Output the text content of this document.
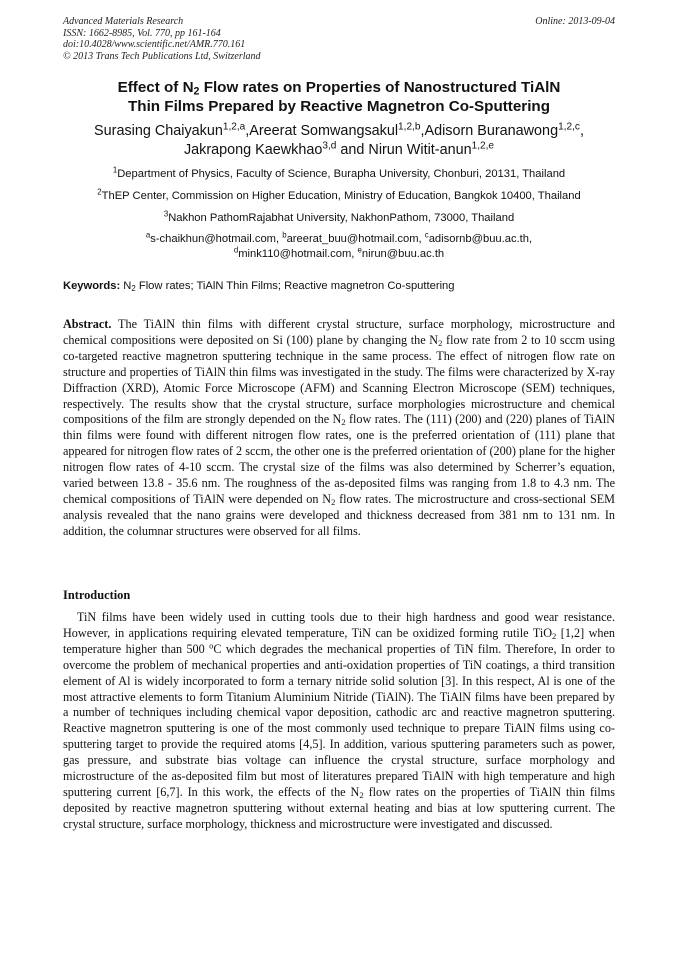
Advanced Materials Research
ISSN: 1662-8985, Vol. 770, pp 161-164
doi:10.4028/www.scientific.net/AMR.770.161
© 2013 Trans Tech Publications Ltd, Switzerland
Online: 2013-09-04
Effect of $N_2$ Flow rates on Properties of Nanostructured TiAlN
Thin Films Prepared by Reactive Magnetron Co-Sputtering
Surasing Chaiyakun$^{1,2,a}$,Areerat Somwangsakul$^{1,2,b}$,Adisorn Buranawong$^{1,2,c}$,
Jakrapong Kaewkhao$^{3,d}$ and Nirun Witit-anun$^{1,2,e}$
$^1$Department of Physics, Faculty of Science, Burapha University, Chonburi, 20131, Thailand
$^2$ThEP Center, Commission on Higher Education, Ministry of Education, Bangkok 10400, Thailand
$^3$Nakhon PathomRajabhat University, NakhonPathom, 73000, Thailand
$^a$s-chaikhun@hotmail.com, $^b$areerat_buu@hotmail.com, $^c$adisornb@buu.ac.th,
$^d$mink110@hotmail.com, $^e$nirun@buu.ac.th
Keywords: $N_2$ Flow rates; TiAlN Thin Films; Reactive magnetron Co-sputtering
Abstract. The TiAlN thin films with different crystal structure, surface morphology, microstructure and chemical compositions were deposited on Si (100) plane by changing the $N_2$ flow rate from 2 to 10 sccm using co-targeted reactive magnetron sputtering technique in the same process. The effect of nitrogen flow rate on structure and properties of TiAlN thin films was investigated in the study. The films were characterized by X-ray Diffraction (XRD), Atomic Force Microscope (AFM) and Scanning Electron Microscope (SEM) techniques, respectively. The results show that the crystal structure, surface morphologies microstructure and chemical compositions of the film are strongly depended on the $N_2$ flow rates. The (111) (200) and (220) planes of TiAlN thin films were found with different nitrogen flow rates, one is the preferred orientation of (111) plane that appeared for nitrogen flow rates of 2 sccm, the other one is the preferred orientation of (200) plane for the higher nitrogen flow rates of 4-10 sccm. The crystal size of the films was also determined by Scherrer’s equation, varied between 13.8 - 35.6 nm. The roughness of the as-deposited films was ranging from 1.8 to 4.3 nm. The chemical compositions of TiAlN were depended on $N_2$ flow rates. The microstructure and cross-sectional SEM analysis revealed that the nano grains were developed and thickness decreased from 381 nm to 131 nm. In addition, the columnar structures were observed for all films.
Introduction
TiN films have been widely used in cutting tools due to their high hardness and good wear resistance. However, in applications requiring elevated temperature, TiN can be oxidized forming rutile TiO$_2$ [1,2] when temperature higher than 500 $^o$C which degrades the mechanical properties of TiN film. Therefore, In order to overcome the problem of mechanical properties and anti-oxidation properties of TiN coatings, a third transition element of Al is widely incorporated to form a ternary nitride solid solution [3]. In this respect, Al is one of the most attractive elements to form Titanium Aluminium Nitride (TiAlN). The TiAlN films have been prepared by a number of techniques including chemical vapor deposition, cathodic arc and reactive magnetron sputtering. Reactive magnetron sputtering is one of the most commonly used technique to prepare TiAlN films using co-sputtering target to provide the required atoms [4,5]. In addition, various sputtering parameters such as power, gas pressure, and substrate bias voltage can influence the crystal structure, surface morphology and microstructure of the as-deposited film but most of literatures prepared TiAlN with high temperature and high sputtering current [6,7]. In this work, the effects of the $N_2$ flow rates on the properties of TiAlN thin films deposited by reactive magnetron sputtering without external heating and bias at low sputtering current. The crystal structure, surface morphology, thickness and microstructure were investigated and discussed.
